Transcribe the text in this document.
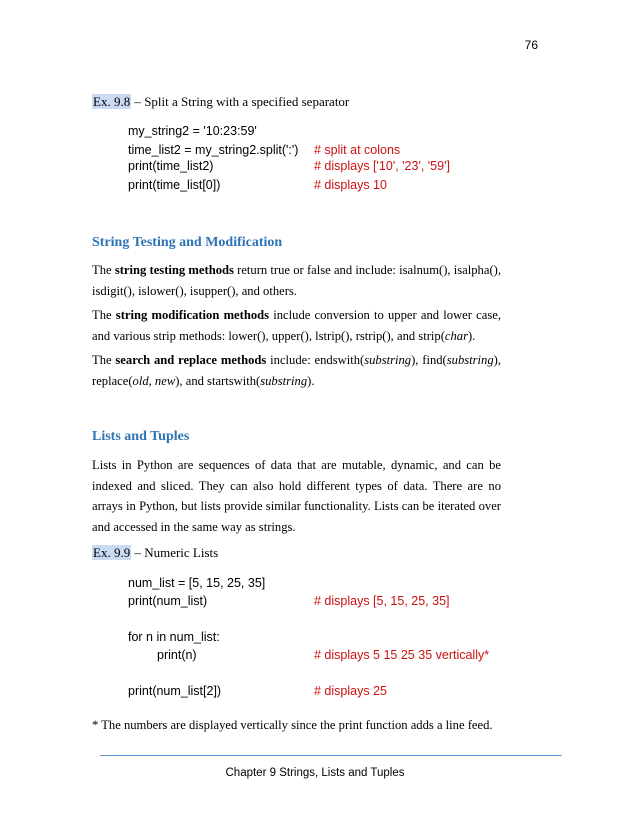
76
Ex. 9.8 – Split a String with a specified separator
my_string2 = '10:23:59'
time_list2 = my_string2.split(':') # split at colons
print(time_list2)	# displays ['10', '23', '59']
print(time_list[0])	# displays 10
String Testing and Modification
The string testing methods return true or false and include: isalnum(), isalpha(), isdigit(), islower(), isupper(), and others.
The string modification methods include conversion to upper and lower case, and various strip methods: lower(), upper(), lstrip(), rstrip(), and strip(char).
The search and replace methods include: endswith(substring), find(substring), replace(old, new), and startswith(substring).
Lists and Tuples
Lists in Python are sequences of data that are mutable, dynamic, and can be indexed and sliced. They can also hold different types of data. There are no arrays in Python, but lists provide similar functionality. Lists can be iterated over and accessed in the same way as strings.
Ex. 9.9 – Numeric Lists
num_list = [5, 15, 25, 35]
print(num_list)	# displays [5, 15, 25, 35]
for n in num_list:
print(n)	# displays 5 15 25 35 vertically*
print(num_list[2])	# displays 25
* The numbers are displayed vertically since the print function adds a line feed.
Chapter 9 Strings, Lists and Tuples
